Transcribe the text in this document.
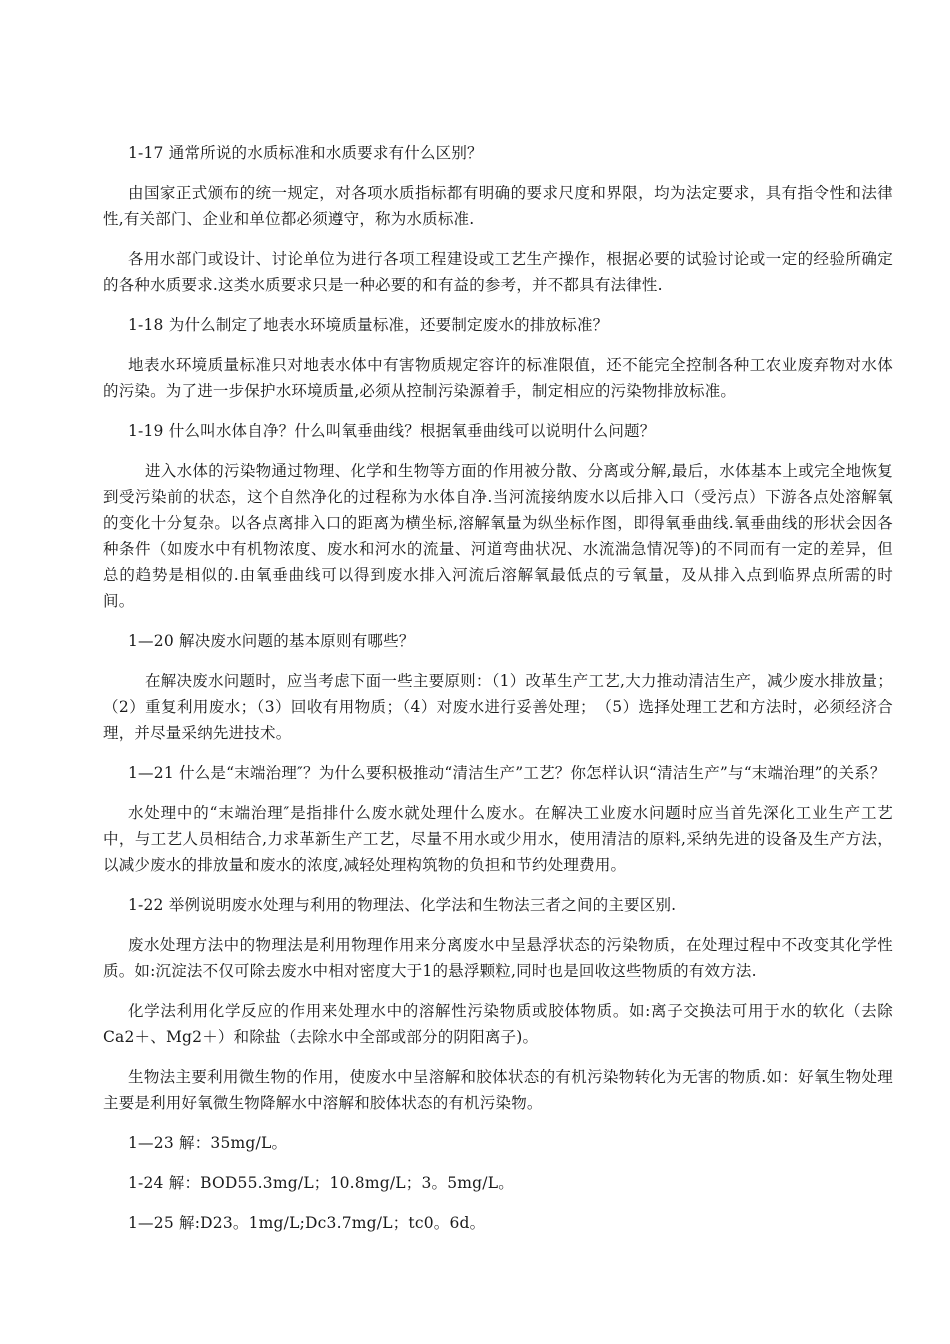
1-17 通常所说的水质标准和水质要求有什么区别？

由国家正式颁布的统一规定，对各项水质指标都有明确的要求尺度和界限，均为法定要求，具有指令性和法律性,有关部门、企业和单位都必须遵守，称为水质标准.

各用水部门或设计、讨论单位为进行各项工程建设或工艺生产操作，根据必要的试验讨论或一定的经验所确定的各种水质要求.这类水质要求只是一种必要的和有益的参考，并不都具有法律性.

1-18 为什么制定了地表水环境质量标准，还要制定废水的排放标准？

地表水环境质量标准只对地表水体中有害物质规定容许的标准限值，还不能完全控制各种工农业废弃物对水体的污染。为了进一步保护水环境质量,必须从控制污染源着手，制定相应的污染物排放标准。

1-19 什么叫水体自净？什么叫氧垂曲线？根据氧垂曲线可以说明什么问题？

进入水体的污染物通过物理、化学和生物等方面的作用被分散、分离或分解,最后，水体基本上或完全地恢复到受污染前的状态，这个自然净化的过程称为水体自净.当河流接纳废水以后排入口（受污点）下游各点处溶解氧的变化十分复杂。以各点离排入口的距离为横坐标,溶解氧量为纵坐标作图，即得氧垂曲线.氧垂曲线的形状会因各种条件（如废水中有机物浓度、废水和河水的流量、河道弯曲状况、水流湍急情况等)的不同而有一定的差异，但总的趋势是相似的.由氧垂曲线可以得到废水排入河流后溶解氧最低点的亏氧量，及从排入点到临界点所需的时间。

1—20 解决废水问题的基本原则有哪些？

在解决废水问题时，应当考虑下面一些主要原则：（1）改革生产工艺,大力推动清洁生产，减少废水排放量；（2）重复利用废水；（3）回收有用物质；（4）对废水进行妥善处理；　（5）选择处理工艺和方法时，必须经济合理，并尽量采纳先进技术。

1—21 什么是“末端治理″？为什么要积极推动“清洁生产”工艺？你怎样认识“清洁生产”与“末端治理”的关系？

水处理中的“末端治理″是指排什么废水就处理什么废水。在解决工业废水问题时应当首先深化工业生产工艺中，与工艺人员相结合,力求革新生产工艺，尽量不用水或少用水，使用清洁的原料,采纳先进的设备及生产方法，以减少废水的排放量和废水的浓度,减轻处理构筑物的负担和节约处理费用。

1-22 举例说明废水处理与利用的物理法、化学法和生物法三者之间的主要区别.

废水处理方法中的物理法是利用物理作用来分离废水中呈悬浮状态的污染物质，在处理过程中不改变其化学性质。如:沉淀法不仅可除去废水中相对密度大于1的悬浮颗粒,同时也是回收这些物质的有效方法.

化学法利用化学反应的作用来处理水中的溶解性污染物质或胶体物质。如:离子交换法可用于水的软化（去除Ca2＋、Mg2＋）和除盐（去除水中全部或部分的阴阳离子)。

生物法主要利用微生物的作用，使废水中呈溶解和胶体状态的有机污染物转化为无害的物质.如：好氧生物处理主要是利用好氧微生物降解水中溶解和胶体状态的有机污染物。

1—23 解：35mg/L。

1-24 解：BOD55.3mg/L；10.8mg/L；3。5mg/L。

1—25 解:D23。1mg/L;Dc3.7mg/L；tc0。6d。
